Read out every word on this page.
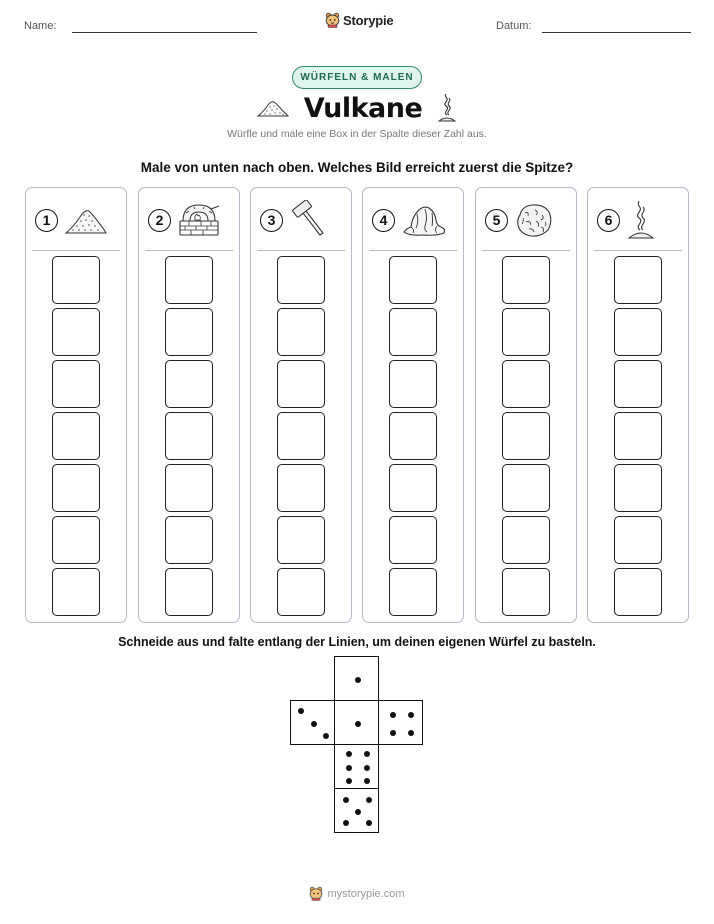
Name:	Datum:
Storypie
WÜRFELN & MALEN
Vulkane
Würfle und male eine Box in der Spalte dieser Zahl aus.
Male von unten nach oben. Welches Bild erreicht zuerst die Spitze?
1	2	3	4	5	6
Schneide aus und falte entlang der Linien, um deinen eigenen Würfel zu basteln.
mystorypie.com
